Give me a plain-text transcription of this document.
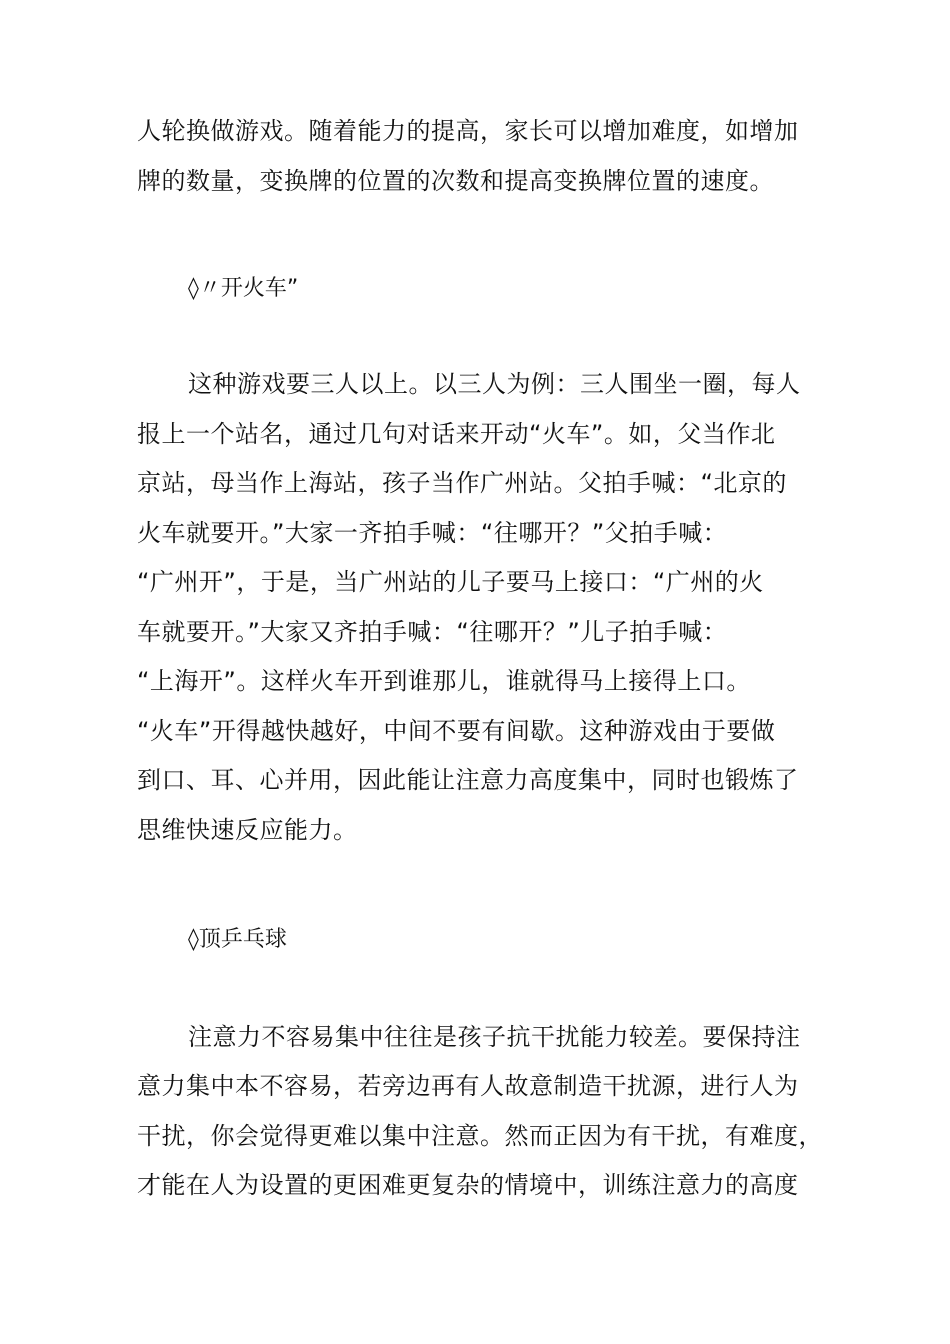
人轮换做游戏。随着能力的提高，家长可以增加难度，如增加
牌的数量，变换牌的位置的次数和提高变换牌位置的速度。
◊〃开火车”
这种游戏要三人以上。以三人为例：三人围坐一圈，每人
报上一个站名，通过几句对话来开动“火车”。如，父当作北
京站，母当作上海站，孩子当作广州站。父拍手喊：“北京的
火车就要开。”大家一齐拍手喊：“往哪开？”父拍手喊：
“广州开”，于是，当广州站的儿子要马上接口：“广州的火
车就要开。”大家又齐拍手喊：“往哪开？”儿子拍手喊：
“上海开”。这样火车开到谁那儿，谁就得马上接得上口。
“火车”开得越快越好，中间不要有间歇。这种游戏由于要做
到口、耳、心并用，因此能让注意力高度集中，同时也锻炼了
思维快速反应能力。
◊顶乒乓球
注意力不容易集中往往是孩子抗干扰能力较差。要保持注
意力集中本不容易，若旁边再有人故意制造干扰源，进行人为
干扰，你会觉得更难以集中注意。然而正因为有干扰，有难度，
才能在人为设置的更困难更复杂的情境中，训练注意力的高度
